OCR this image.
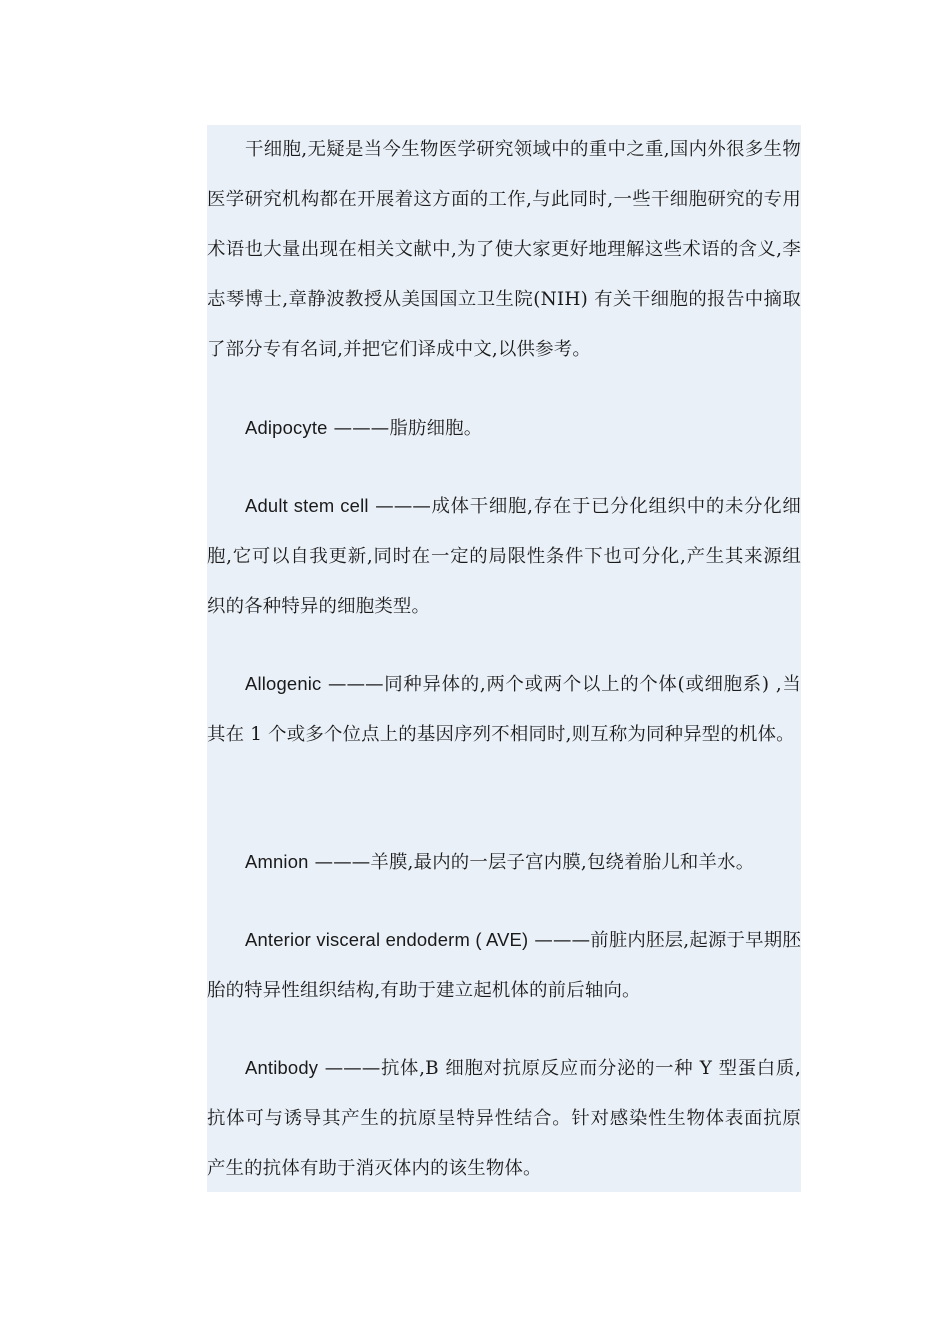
干细胞,无疑是当今生物医学研究领域中的重中之重,国内外很多生物医学研究机构都在开展着这方面的工作,与此同时,一些干细胞研究的专用术语也大量出现在相关文献中,为了使大家更好地理解这些术语的含义,李志琴博士,章静波教授从美国国立卫生院(NIH) 有关干细胞的报告中摘取了部分专有名词,并把它们译成中文,以供参考。

Adipocyte ———脂肪细胞。

Adult stem cell ———成体干细胞,存在于已分化组织中的未分化细胞,它可以自我更新,同时在一定的局限性条件下也可分化,产生其来源组织的各种特异的细胞类型。

Allogenic ———同种异体的,两个或两个以上的个体(或细胞系) ,当其在 1 个或多个位点上的基因序列不相同时,则互称为同种异型的机体。

Amnion ———羊膜,最内的一层子宫内膜,包绕着胎儿和羊水。

Anterior visceral endoderm ( AVE) ———前脏内胚层,起源于早期胚胎的特异性组织结构,有助于建立起机体的前后轴向。

Antibody ———抗体,B 细胞对抗原反应而分泌的一种 Y 型蛋白质,抗体可与诱导其产生的抗原呈特异性结合。针对感染性生物体表面抗原产生的抗体有助于消灭体内的该生物体。
